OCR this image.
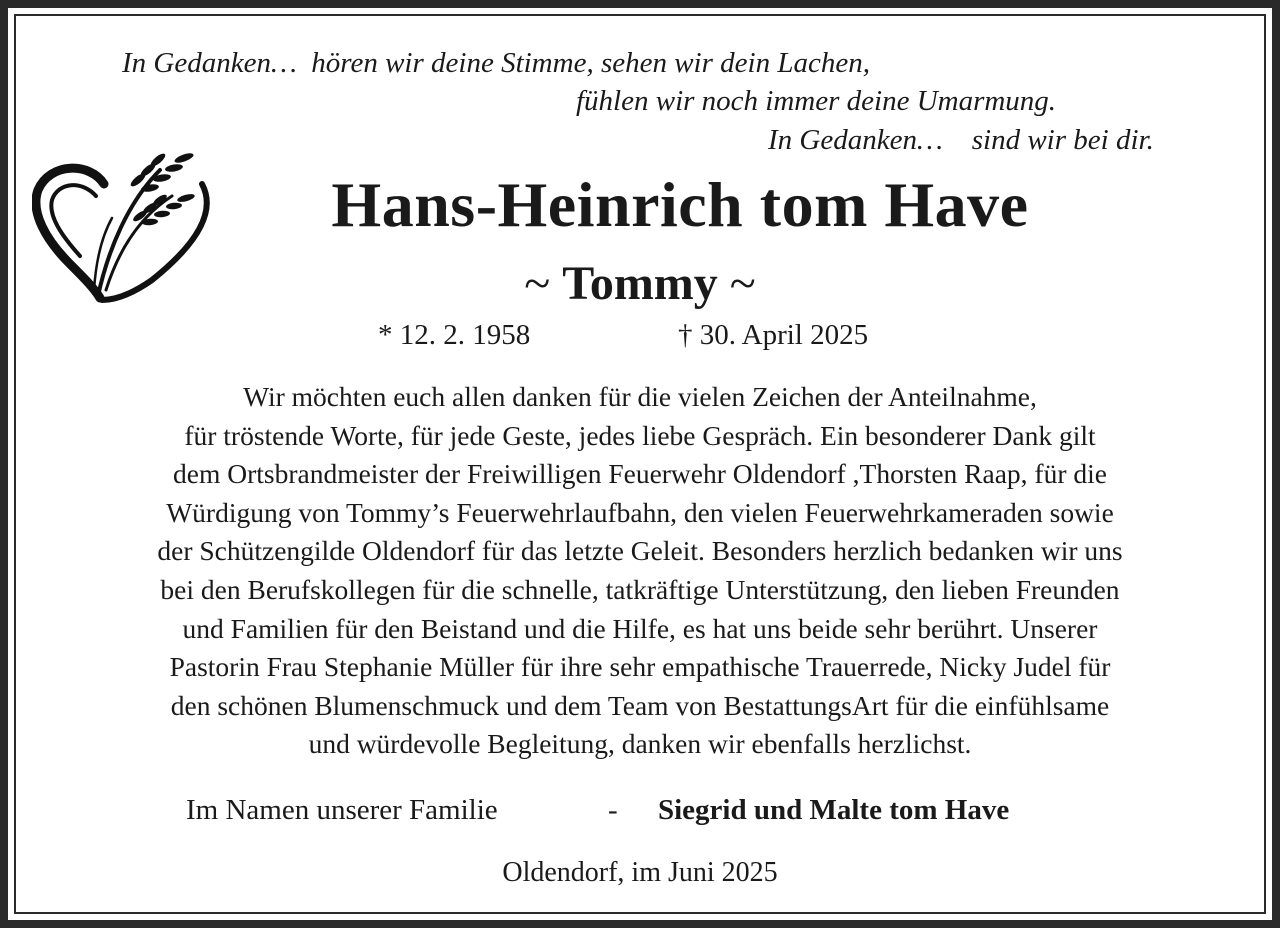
In Gedanken…  hören wir deine Stimme, sehen wir dein Lachen,
fühlen wir noch immer deine Umarmung.
In Gedanken…    sind wir bei dir.
Hans-Heinrich tom Have
~ Tommy ~
* 12. 2. 1958	† 30. April 2025

Wir möchten euch allen danken für die vielen Zeichen der Anteilnahme,
für tröstende Worte, für jede Geste, jedes liebe Gespräch. Ein besonderer Dank gilt
dem Ortsbrandmeister der Freiwilligen Feuerwehr Oldendorf ,Thorsten Raap, für die
Würdigung von Tommy’s Feuerwehrlaufbahn, den vielen Feuerwehrkameraden sowie
der Schützengilde Oldendorf für das letzte Geleit. Besonders herzlich bedanken wir uns
bei den Berufskollegen für die schnelle, tatkräftige Unterstützung, den lieben Freunden
und Familien für den Beistand und die Hilfe, es hat uns beide sehr berührt. Unserer
Pastorin Frau Stephanie Müller für ihre sehr empathische Trauerrede, Nicky Judel für
den schönen Blumenschmuck und dem Team von BestattungsArt für die einfühlsame
und würdevolle Begleitung, danken wir ebenfalls herzlichst.

Im Namen unserer Familie	- Siegrid und Malte tom Have
Oldendorf, im Juni 2025
